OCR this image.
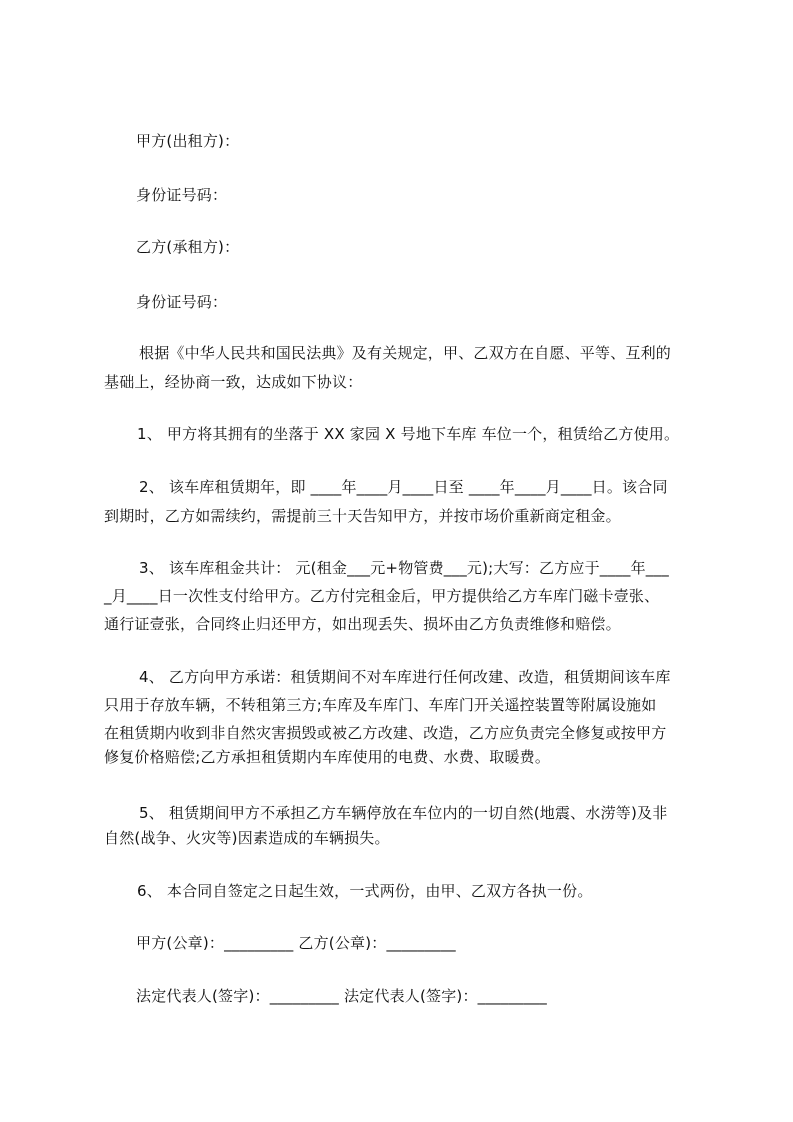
甲方(出租方)：
身份证号码：
乙方(承租方)：
身份证号码：
根据《中华人民共和国民法典》及有关规定，甲、乙双方在自愿、平等、互利的
基础上，经协商一致，达成如下协议：
1、 甲方将其拥有的坐落于 XX 家园 X 号地下车库 车位一个，租赁给乙方使用。
2、 该车库租赁期年，即 ____年____月____日至 ____年____月____日。该合同
到期时，乙方如需续约，需提前三十天告知甲方，并按市场价重新商定租金。
3、 该车库租金共计： 元(租金___元+物管费___元);大写：乙方应于____年___
_月____日一次性支付给甲方。乙方付完租金后，甲方提供给乙方车库门磁卡壹张、
通行证壹张，合同终止归还甲方，如出现丢失、损坏由乙方负责维修和赔偿。
4、 乙方向甲方承诺：租赁期间不对车库进行任何改建、改造，租赁期间该车库
只用于存放车辆，不转租第三方;车库及车库门、车库门开关遥控装置等附属设施如
在租赁期内收到非自然灾害损毁或被乙方改建、改造，乙方应负责完全修复或按甲方
修复价格赔偿;乙方承担租赁期内车库使用的电费、水费、取暖费。
5、 租赁期间甲方不承担乙方车辆停放在车位内的一切自然(地震、水涝等)及非
自然(战争、火灾等)因素造成的车辆损失。
6、 本合同自签定之日起生效，一式两份，由甲、乙双方各执一份。
甲方(公章)：_________ 乙方(公章)：_________
法定代表人(签字)：_________ 法定代表人(签字)：_________
